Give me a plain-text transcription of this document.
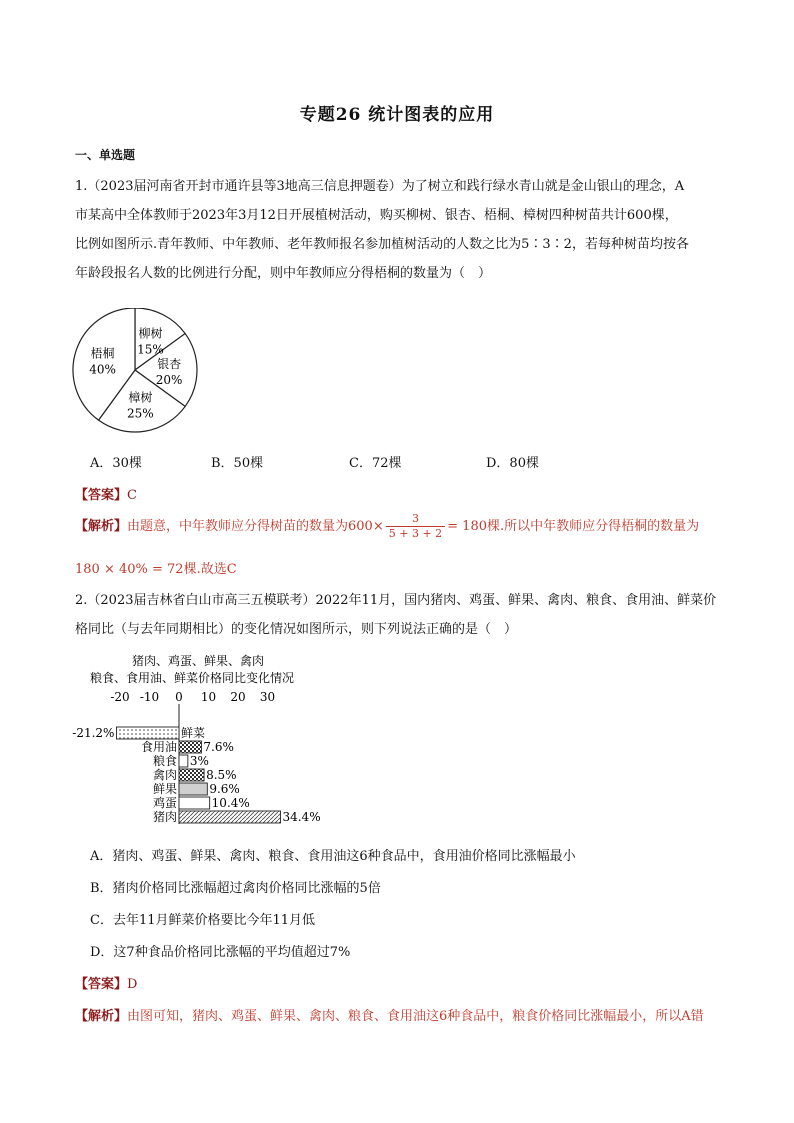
专题26 统计图表的应用
一、单选题
1.（2023届河南省开封市通许县等3地高三信息押题卷）为了树立和践行绿水青山就是金山银山的理念，A
市某高中全体教师于2023年3月12日开展植树活动，购买柳树、银杏、梧桐、樟树四种树苗共计600棵，
比例如图所示.青年教师、中年教师、老年教师报名参加植树活动的人数之比为5∶3∶2，若每种树苗均按各
年龄段报名人数的比例进行分配，则中年教师应分得梧桐的数量为（　）
柳树
15%
银杏
20%
樟树
25%
梧桐
40%
A．30棵	B．50棵	C．72棵	D．80棵
【答案】C
【解析】由题意，中年教师应分得树苗的数量为$600\times \frac{3}{5 + 3 + 2} = 180$棵.所以中年教师应分得梧桐的数量为
180 × 40% = 72棵.故选C
2.（2023届吉林省白山市高三五模联考）2022年11月，国内猪肉、鸡蛋、鲜果、禽肉、粮食、食用油、鲜菜价
格同比（与去年同期相比）的变化情况如图所示，则下列说法正确的是（　）
猪肉、鸡蛋、鲜果、禽肉
粮食、食用油、鲜菜价格同比变化情况
-20 -10 0 10 20 30
鲜菜
-21.2%
食用油 7.6%
粮食 3%
禽肉 8.5%
鲜果	9.6%
鸡蛋	10.4%
猪肉	34.4%
A．猪肉、鸡蛋、鲜果、禽肉、粮食、食用油这6种食品中，食用油价格同比涨幅最小
B．猪肉价格同比涨幅超过禽肉价格同比涨幅的5倍
C．去年11月鲜菜价格要比今年11月低
D．这7种食品价格同比涨幅的平均值超过7%
【答案】D
【解析】由图可知，猪肉、鸡蛋、鲜果、禽肉、粮食、食用油这6种食品中，粮食价格同比涨幅最小，所以A错
